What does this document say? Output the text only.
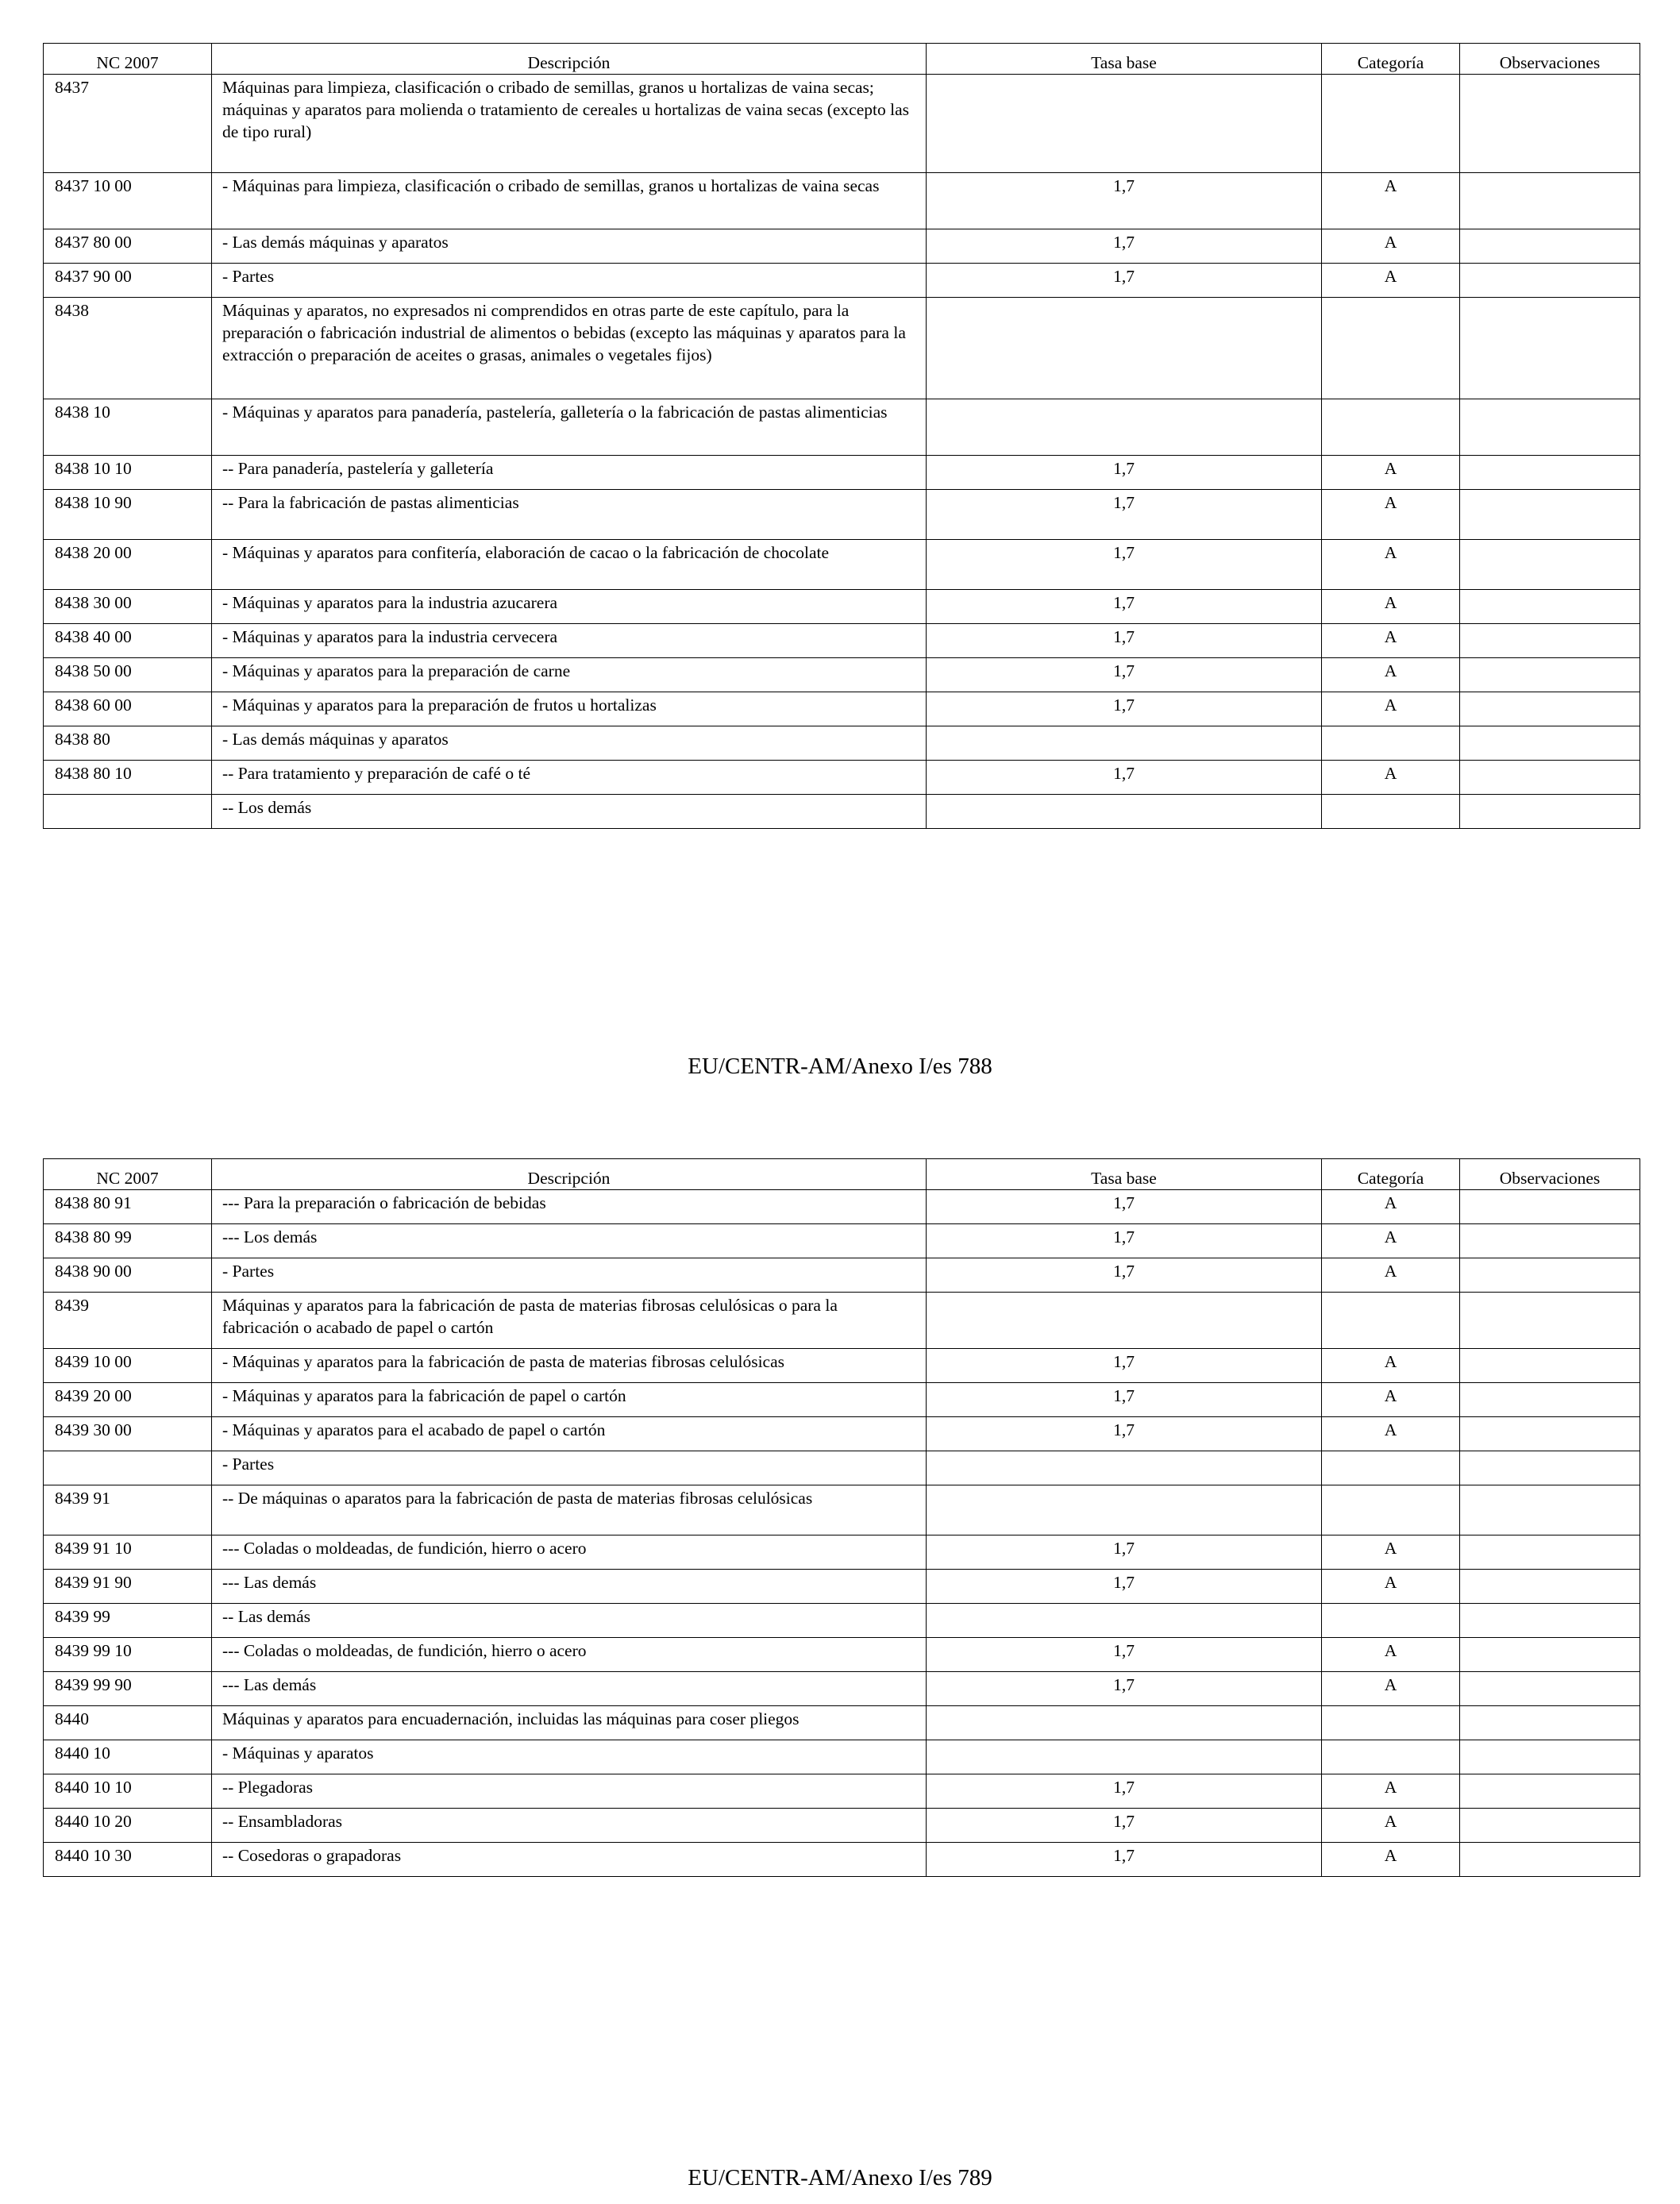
NC 2007	Descripción	Tasa base	Categoría	Observaciones
8437	Máquinas para limpieza, clasificación o cribado de semillas, granos u hortalizas de vaina secas; máquinas y aparatos para molienda o tratamiento de cereales u hortalizas de vaina secas (excepto las de tipo rural)			
8437 10 00	- Máquinas para limpieza, clasificación o cribado de semillas, granos u hortalizas de vaina secas	1,7	A	
8437 80 00	- Las demás máquinas y aparatos	1,7	A	
8437 90 00	- Partes	1,7	A	
8438	Máquinas y aparatos, no expresados ni comprendidos en otras parte de este capítulo, para la preparación o fabricación industrial de alimentos o bebidas (excepto las máquinas y aparatos para la extracción o preparación de aceites o grasas, animales o vegetales fijos)			
8438 10	- Máquinas y aparatos para panadería, pastelería, galletería o la fabricación de pastas alimenticias			
8438 10 10	-- Para panadería, pastelería y galletería	1,7	A	
8438 10 90	-- Para la fabricación de pastas alimenticias	1,7	A	
8438 20 00	- Máquinas y aparatos para confitería, elaboración de cacao o la fabricación de chocolate	1,7	A	
8438 30 00	- Máquinas y aparatos para la industria azucarera	1,7	A	
8438 40 00	- Máquinas y aparatos para la industria cervecera	1,7	A	
8438 50 00	- Máquinas y aparatos para la preparación de carne	1,7	A	
8438 60 00	- Máquinas y aparatos para la preparación de frutos u hortalizas	1,7	A	
8438 80	- Las demás máquinas y aparatos			
8438 80 10	-- Para tratamiento y preparación de café o té	1,7	A	
	-- Los demás			
EU/CENTR-AM/Anexo I/es 788
NC 2007	Descripción	Tasa base	Categoría	Observaciones
8438 80 91	--- Para la preparación o fabricación de bebidas	1,7	A	
8438 80 99	--- Los demás	1,7	A	
8438 90 00	- Partes	1,7	A	
8439	Máquinas y aparatos para la fabricación de pasta de materias fibrosas celulósicas o para la fabricación o acabado de papel o cartón			
8439 10 00	- Máquinas y aparatos para la fabricación de pasta de materias fibrosas celulósicas	1,7	A	
8439 20 00	- Máquinas y aparatos para la fabricación de papel o cartón	1,7	A	
8439 30 00	- Máquinas y aparatos para el acabado de papel o cartón	1,7	A	
	- Partes			
8439 91	-- De máquinas o aparatos para la fabricación de pasta de materias fibrosas celulósicas			
8439 91 10	--- Coladas o moldeadas, de fundición, hierro o acero	1,7	A	
8439 91 90	--- Las demás	1,7	A	
8439 99	-- Las demás			
8439 99 10	--- Coladas o moldeadas, de fundición, hierro o acero	1,7	A	
8439 99 90	--- Las demás	1,7	A	
8440	Máquinas y aparatos para encuadernación, incluidas las máquinas para coser pliegos			
8440 10	- Máquinas y aparatos			
8440 10 10	-- Plegadoras	1,7	A	
8440 10 20	-- Ensambladoras	1,7	A	
8440 10 30	-- Cosedoras o grapadoras	1,7	A	
EU/CENTR-AM/Anexo I/es 789
